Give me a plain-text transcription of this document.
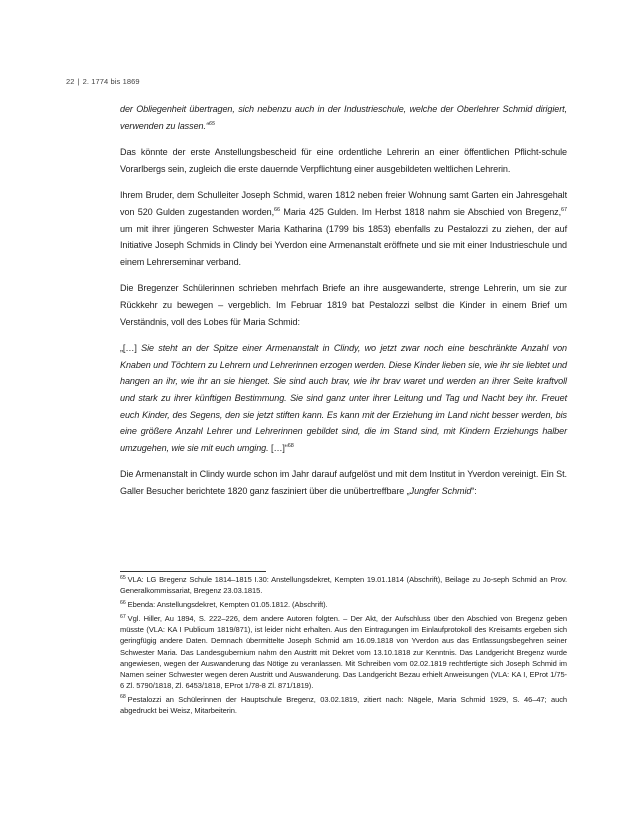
22 | 2. 1774 bis 1869

der Obliegenheit übertragen, sich nebenzu auch in der Industrieschule, welche der Oberlehrer Schmid dirigiert, verwenden zu lassen.“$^{65}$

Das könnte der erste Anstellungsbescheid für eine ordentliche Lehrerin an einer öffentlichen Pflicht-schule Vorarlbergs sein, zugleich die erste dauernde Verpflichtung einer ausgebildeten weltlichen Lehrerin.

Ihrem Bruder, dem Schulleiter Joseph Schmid, waren 1812 neben freier Wohnung samt Garten ein Jahresgehalt von 520 Gulden zugestanden worden,$^{66}$ Maria 425 Gulden. Im Herbst 1818 nahm sie Abschied von Bregenz,$^{67}$ um mit ihrer jüngeren Schwester Maria Katharina (1799 bis 1853) ebenfalls zu Pestalozzi zu ziehen, der auf Initiative Joseph Schmids in Clindy bei Yverdon eine Armenanstalt eröffnete und sie mit einer Industrieschule und einem Lehrerseminar verband.

Die Bregenzer Schülerinnen schrieben mehrfach Briefe an ihre ausgewanderte, strenge Lehrerin, um sie zur Rückkehr zu bewegen – vergeblich. Im Februar 1819 bat Pestalozzi selbst die Kinder in einem Brief um Verständnis, voll des Lobes für Maria Schmid:

„[…] Sie steht an der Spitze einer Armenanstalt in Clindy, wo jetzt zwar noch eine beschränkte Anzahl von Knaben und Töchtern zu Lehrern und Lehrerinnen erzogen werden. Diese Kinder lieben sie, wie ihr sie liebtet und hangen an ihr, wie ihr an sie hienget. Sie sind auch brav, wie ihr brav waret und werden an ihrer Seite kraftvoll und stark zu ihrer künftigen Bestimmung. Sie sind ganz unter ihrer Leitung und Tag und Nacht bey ihr. Freuet euch Kinder, des Segens, den sie jetzt stiften kann. Es kann mit der Erziehung im Land nicht besser werden, bis eine größere Anzahl Lehrer und Lehrerinnen gebildet sind, die im Stand sind, mit Kindern Erziehungs halber umzugehen, wie sie mit euch umging. […]“$^{68}$

Die Armenanstalt in Clindy wurde schon im Jahr darauf aufgelöst und mit dem Institut in Yverdon vereinigt. Ein St. Galler Besucher berichtete 1820 ganz fasziniert über die unübertreffbare „Jungfer Schmid“:

$^{65}$ VLA: LG Bregenz Schule 1814–1815 I.30: Anstellungsdekret, Kempten 19.01.1814 (Abschrift), Beilage zu Jo-seph Schmid an Prov. Generalkommissariat, Bregenz 23.03.1815.

$^{66}$ Ebenda: Anstellungsdekret, Kempten 01.05.1812. (Abschrift).

$^{67}$ Vgl. Hiller, Au 1894, S. 222–226, dem andere Autoren folgten. – Der Akt, der Aufschluss über den Abschied von Bregenz geben müsste (VLA: KA I Publicum 1819/871), ist leider nicht erhalten. Aus den Eintragungen im Einlaufprotokoll des Kreisamts ergeben sich geringfügig andere Daten. Demnach übermittelte Joseph Schmid am 16.09.1818 von Yverdon aus das Entlassungsbegehren seiner Schwester Maria. Das Landesgubernium nahm den Austritt mit Dekret vom 13.10.1818 zur Kenntnis. Das Landgericht Bregenz wurde angewiesen, wegen der Auswanderung das Nötige zu veranlassen. Mit Schreiben vom 02.02.1819 rechtfertigte sich Joseph Schmid im Namen seiner Schwester wegen deren Austritt und Auswanderung. Das Landgericht Bezau erhielt Anweisungen (VLA: KA I, EProt 1/75-6 Zl. 5790/1818, Zl. 6453/1818, EProt 1/78-8 Zl. 871/1819).

$^{68}$ Pestalozzi an Schülerinnen der Hauptschule Bregenz, 03.02.1819, zitiert nach: Nägele, Maria Schmid 1929, S. 46–47; auch abgedruckt bei Weisz, Mitarbeiterin.
